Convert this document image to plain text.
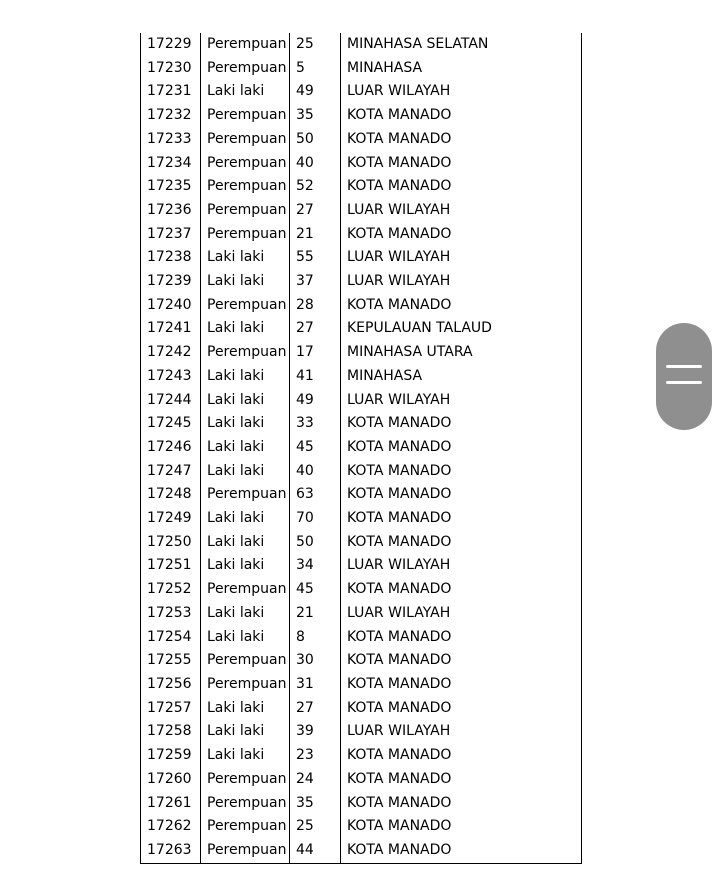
17229	Perempuan	25	MINAHASA SELATAN
17230	Perempuan	5	MINAHASA
17231	Laki laki	49	LUAR WILAYAH
17232	Perempuan	35	KOTA MANADO
17233	Perempuan	50	KOTA MANADO
17234	Perempuan	40	KOTA MANADO
17235	Perempuan	52	KOTA MANADO
17236	Perempuan	27	LUAR WILAYAH
17237	Perempuan	21	KOTA MANADO
17238	Laki laki	55	LUAR WILAYAH
17239	Laki laki	37	LUAR WILAYAH
17240	Perempuan	28	KOTA MANADO
17241	Laki laki	27	KEPULAUAN TALAUD
17242	Perempuan	17	MINAHASA UTARA
17243	Laki laki	41	MINAHASA
17244	Laki laki	49	LUAR WILAYAH
17245	Laki laki	33	KOTA MANADO
17246	Laki laki	45	KOTA MANADO
17247	Laki laki	40	KOTA MANADO
17248	Perempuan	63	KOTA MANADO
17249	Laki laki	70	KOTA MANADO
17250	Laki laki	50	KOTA MANADO
17251	Laki laki	34	LUAR WILAYAH
17252	Perempuan	45	KOTA MANADO
17253	Laki laki	21	LUAR WILAYAH
17254	Laki laki	8	KOTA MANADO
17255	Perempuan	30	KOTA MANADO
17256	Perempuan	31	KOTA MANADO
17257	Laki laki	27	KOTA MANADO
17258	Laki laki	39	LUAR WILAYAH
17259	Laki laki	23	KOTA MANADO
17260	Perempuan	24	KOTA MANADO
17261	Perempuan	35	KOTA MANADO
17262	Perempuan	25	KOTA MANADO
17263	Perempuan	44	KOTA MANADO
